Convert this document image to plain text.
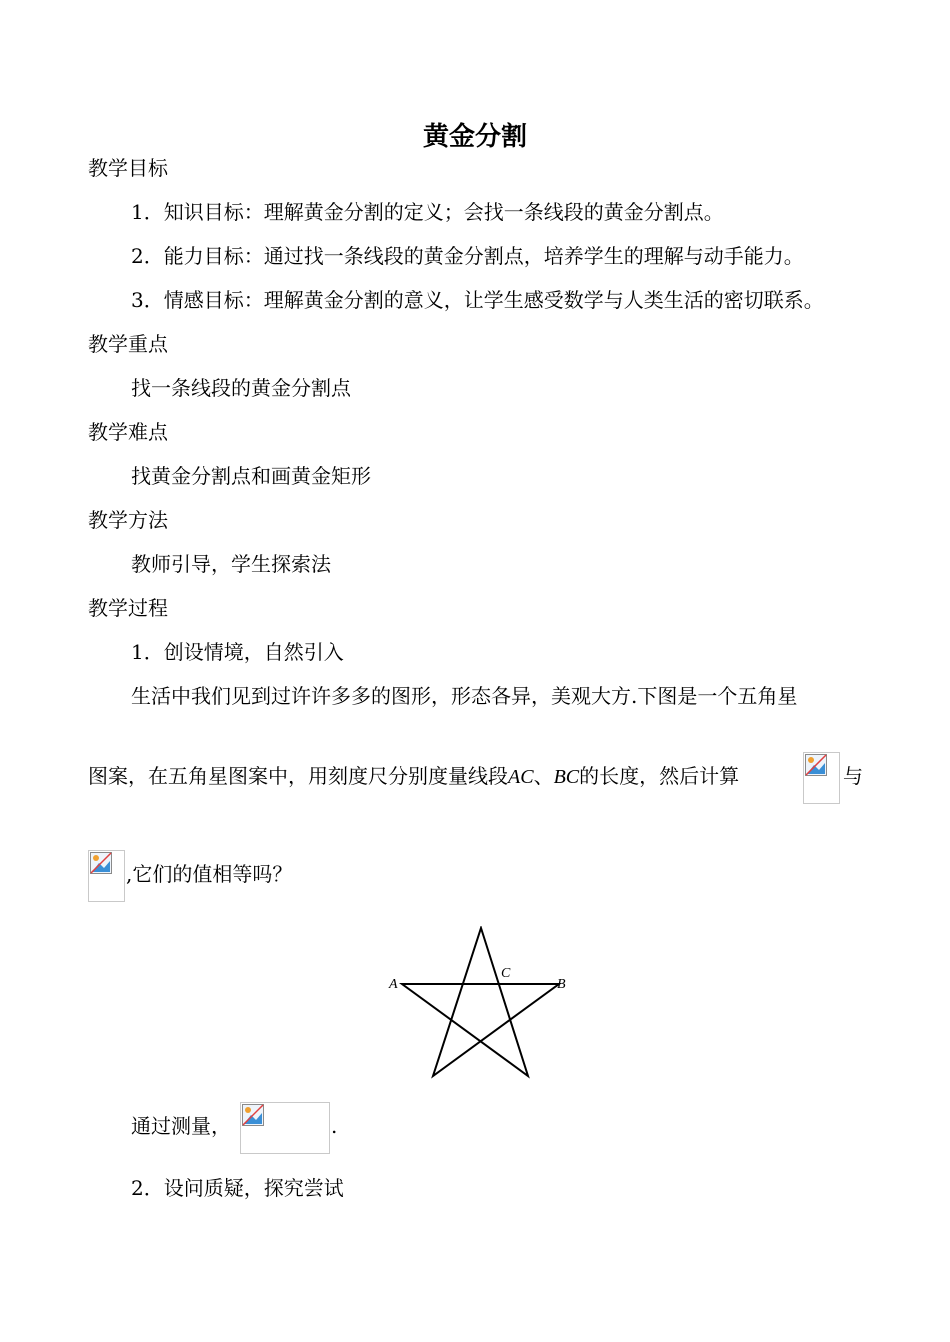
黄金分割
教学目标
1．知识目标：理解黄金分割的定义；会找一条线段的黄金分割点。
2．能力目标：通过找一条线段的黄金分割点，培养学生的理解与动手能力。
3．情感目标：理解黄金分割的意义，让学生感受数学与人类生活的密切联系。
教学重点
找一条线段的黄金分割点
教学难点
找黄金分割点和画黄金矩形
教学方法
教师引导，学生探索法
教学过程
1．创设情境，自然引入
生活中我们见到过许许多多的图形，形态各异，美观大方.下图是一个五角星
图案，在五角星图案中，用刻度尺分别度量线段AC、BC的长度，然后计算	与
,它们的值相等吗？
A
C
B
通过测量，	.
2．设问质疑，探究尝试
